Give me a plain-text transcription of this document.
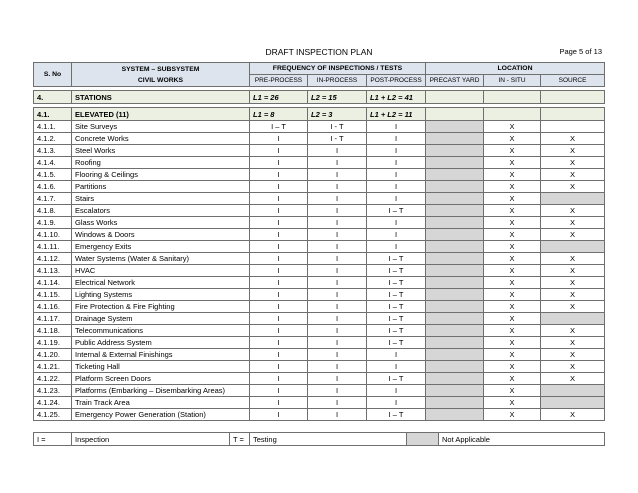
DRAFT INSPECTION PLAN	Page 5 of 13
S. No	SYSTEM – SUBSYSTEM
CIVIL WORKS	FREQUENCY OF INSPECTIONS / TESTS			LOCATION		
		PRE-PROCESS	IN-PROCESS	POST-PROCESS	PRECAST YARD	IN - SITU	SOURCE

4.	STATIONS	L1 = 26	L2 = 15	L1 + L2 = 41			

4.1.	ELEVATED (11)	L1 = 8	L2 = 3	L1 + L2 = 11			
4.1.1.	Site Surveys	I – T	I - T	I		X	
4.1.2.	Concrete Works	I	I - T	I		X	X
4.1.3.	Steel Works	I	I	I		X	X
4.1.4.	Roofing	I	I	I		X	X
4.1.5.	Flooring & Ceilings	I	I	I		X	X
4.1.6.	Partitions	I	I	I		X	X
4.1.7.	Stairs	I	I	I		X	
4.1.8.	Escalators	I	I	I – T		X	X
4.1.9.	Glass Works	I	I	I		X	X
4.1.10.	Windows & Doors	I	I	I		X	X
4.1.11.	Emergency Exits	I	I	I		X	
4.1.12.	Water Systems (Water & Sanitary)	I	I	I – T		X	X
4.1.13.	HVAC	I	I	I – T		X	X
4.1.14.	Electrical Network	I	I	I – T		X	X
4.1.15.	Lighting Systems	I	I	I – T		X	X
4.1.16.	Fire Protection & Fire Fighting	I	I	I – T		X	X
4.1.17.	Drainage System	I	I	I – T		X	
4.1.18.	Telecommunications	I	I	I – T		X	X
4.1.19.	Public Address System	I	I	I – T		X	X
4.1.20.	Internal & External Finishings	I	I	I		X	X
4.1.21.	Ticketing Hall	I	I	I		X	X
4.1.22.	Platform Screen Doors	I	I	I – T		X	X
4.1.23.	Platforms (Embarking – Disembarking Areas)	I	I	I		X	
4.1.24.	Train Track Area	I	I	I		X	
4.1.25.	Emergency Power Generation (Station)	I	I	I – T		X	X
I =	Inspection	T =	Testing		Not Applicable
